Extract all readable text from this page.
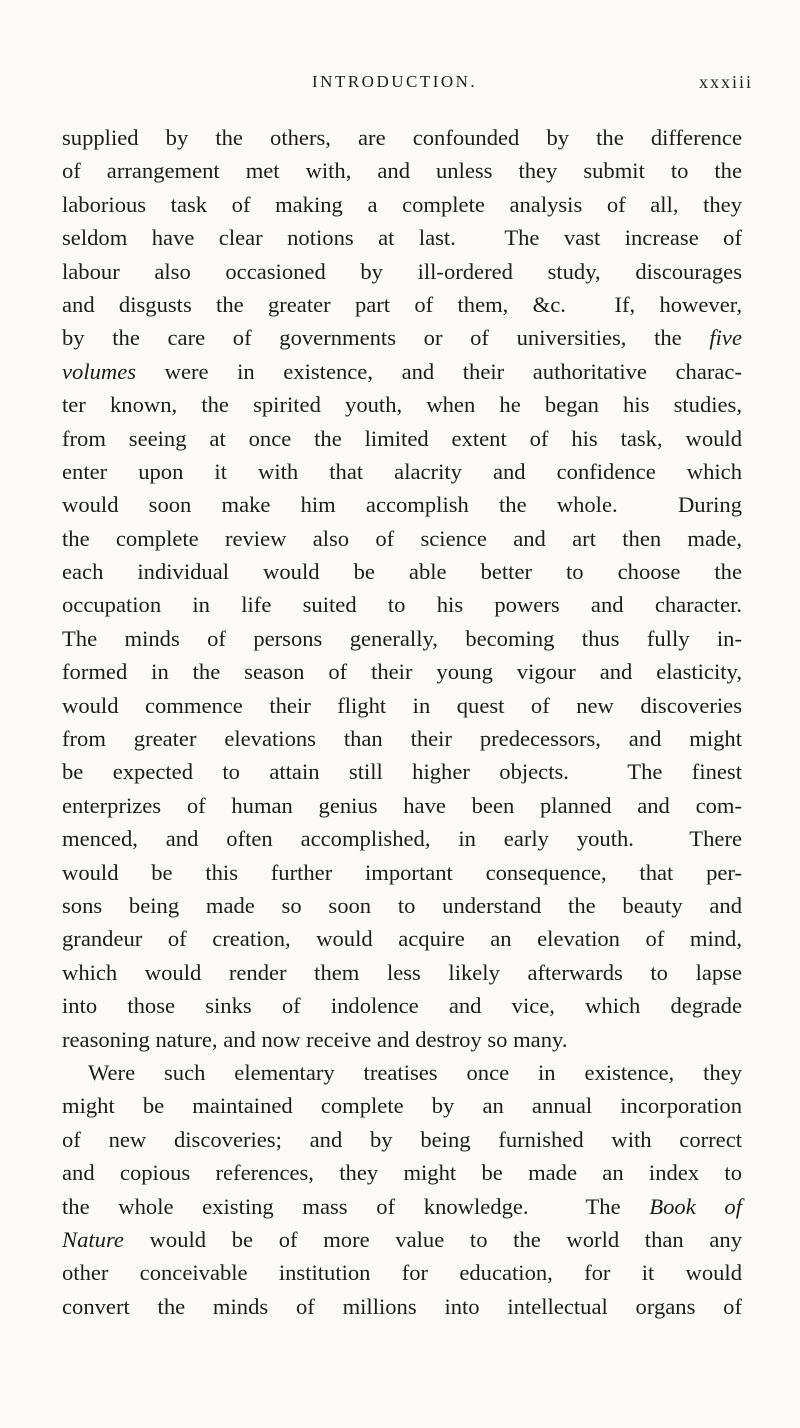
INTRODUCTION.	xxxiii
supplied by the others, are confounded by the difference
of arrangement met with, and unless they submit to the
laborious task of making a complete analysis of all, they
seldom have clear notions at last.  The vast increase of
labour also occasioned by ill-ordered study, discourages
and disgusts the greater part of them, &c.  If, however,
by the care of governments or of universities, the five
volumes were in existence, and their authoritative charac-
ter known, the spirited youth, when he began his studies,
from seeing at once the limited extent of his task, would
enter upon it with that alacrity and confidence which
would soon make him accomplish the whole.  During
the complete review also of science and art then made,
each individual would be able better to choose the
occupation in life suited to his powers and character.
The minds of persons generally, becoming thus fully in-
formed in the season of their young vigour and elasticity,
would commence their flight in quest of new discoveries
from greater elevations than their predecessors, and might
be expected to attain still higher objects.  The finest
enterprizes of human genius have been planned and com-
menced, and often accomplished, in early youth.  There
would be this further important consequence, that per-
sons being made so soon to understand the beauty and
grandeur of creation, would acquire an elevation of mind,
which would render them less likely afterwards to lapse
into those sinks of indolence and vice, which degrade
reasoning nature, and now receive and destroy so many.
Were such elementary treatises once in existence, they
might be maintained complete by an annual incorporation
of new discoveries; and by being furnished with correct
and copious references, they might be made an index to
the whole existing mass of knowledge.  The Book of
Nature would be of more value to the world than any
other conceivable institution for education, for it would
convert the minds of millions into intellectual organs of
